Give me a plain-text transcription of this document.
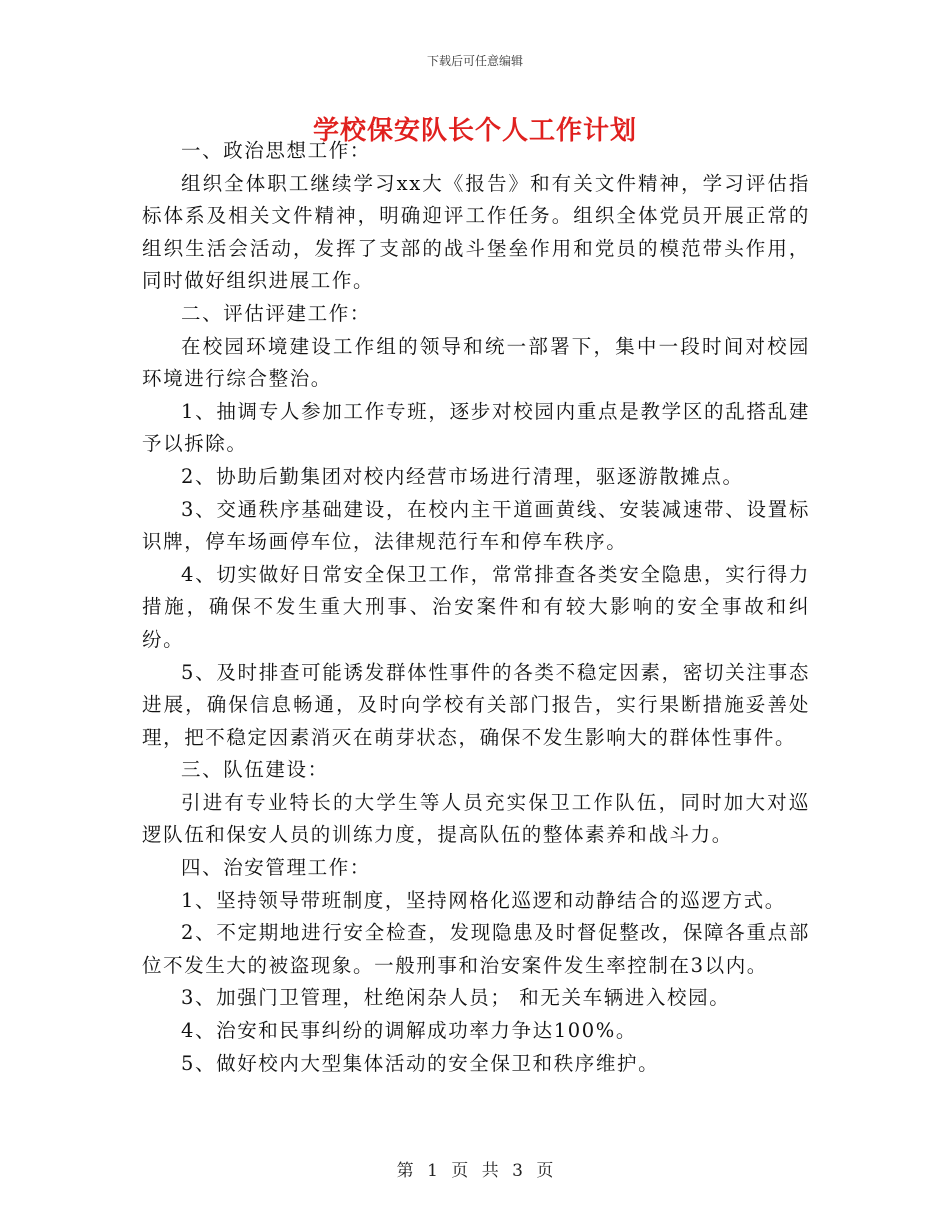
下载后可任意编辑
学校保安队长个人工作计划

一、政治思想工作：

组织全体职工继续学习xx大《报告》和有关文件精神，学习评估指标体系及相关文件精神，明确迎评工作任务。组织全体党员开展正常的组织生活会活动，发挥了支部的战斗堡垒作用和党员的模范带头作用，同时做好组织进展工作。

二、评估评建工作：

在校园环境建设工作组的领导和统一部署下，集中一段时间对校园环境进行综合整治。

1、抽调专人参加工作专班，逐步对校园内重点是教学区的乱搭乱建予以拆除。

2、协助后勤集团对校内经营市场进行清理，驱逐游散摊点。

3、交通秩序基础建设，在校内主干道画黄线、安装减速带、设置标识牌，停车场画停车位，法律规范行车和停车秩序。

4、切实做好日常安全保卫工作，常常排查各类安全隐患，实行得力措施，确保不发生重大刑事、治安案件和有较大影响的安全事故和纠纷。

5、及时排查可能诱发群体性事件的各类不稳定因素，密切关注事态进展，确保信息畅通，及时向学校有关部门报告，实行果断措施妥善处理，把不稳定因素消灭在萌芽状态，确保不发生影响大的群体性事件。

三、队伍建设：

引进有专业特长的大学生等人员充实保卫工作队伍，同时加大对巡逻队伍和保安人员的训练力度，提高队伍的整体素养和战斗力。

四、治安管理工作：

1、坚持领导带班制度，坚持网格化巡逻和动静结合的巡逻方式。

2、不定期地进行安全检查，发现隐患及时督促整改，保障各重点部位不发生大的被盗现象。一般刑事和治安案件发生率控制在3以内。

3、加强门卫管理，杜绝闲杂人员； 和无关车辆进入校园。

4、治安和民事纠纷的调解成功率力争达100%。

5、做好校内大型集体活动的安全保卫和秩序维护。

第 1 页 共 3 页
